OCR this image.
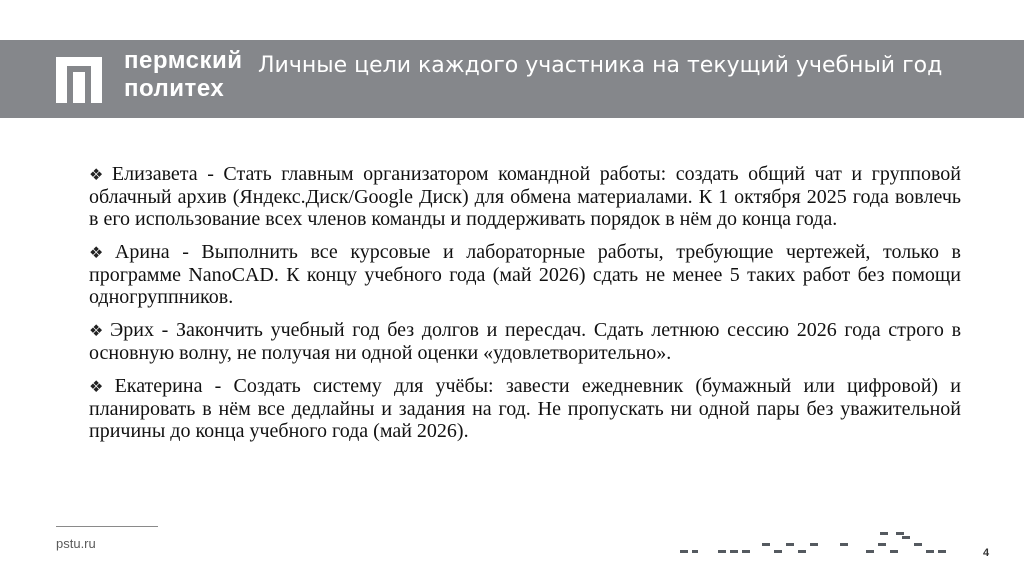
пермский
политех
Личные цели каждого участника на текущий учебный год
❖ Елизавета - Стать главным организатором командной работы: создать общий чат и групповой облачный архив (Яндекс.Диск/Google Диск) для обмена материалами. К 1 октября 2025 года вовлечь в его использование всех членов команды и поддерживать порядок в нём до конца года.
❖ Арина - Выполнить все курсовые и лабораторные работы, требующие чертежей, только в программе NanoCAD. К концу учебного года (май 2026) сдать не менее 5 таких работ без помощи одногруппников.
❖ Эрих - Закончить учебный год без долгов и пересдач. Сдать летнюю сессию 2026 года строго в основную волну, не получая ни одной оценки «удовлетворительно».
❖ Екатерина - Создать систему для учёбы: завести ежедневник (бумажный или цифровой) и планировать в нём все дедлайны и задания на год. Не пропускать ни одной пары без уважительной причины до конца учебного года (май 2026).
pstu.ru
4
